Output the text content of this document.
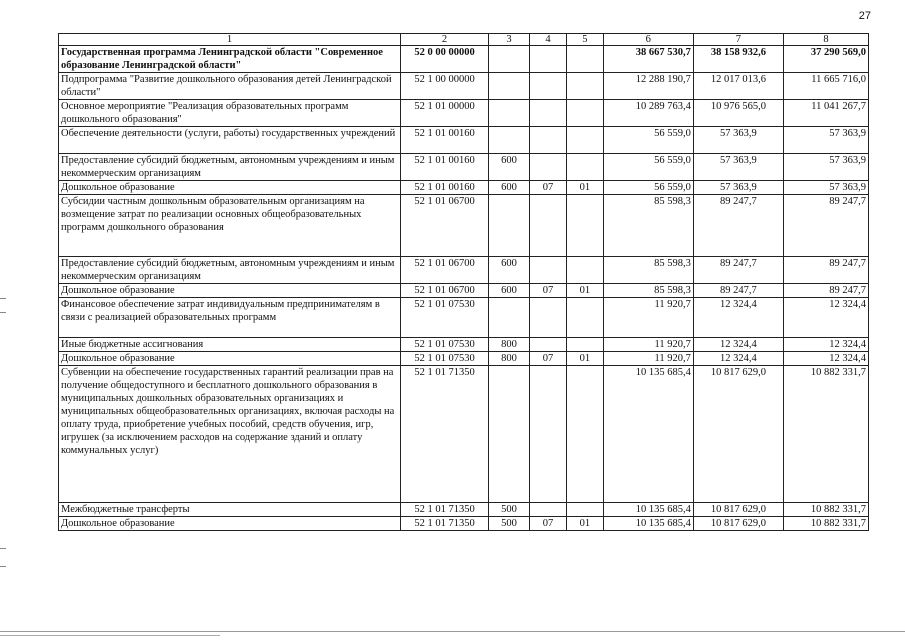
27
1	2	3	4	5	6	7	8
Государственная программа Ленинградской области "Современное образование Ленинградской области"	52 0 00 00000				38 667 530,7	38 158 932,6	37 290 569,0
Подпрограмма "Развитие дошкольного образования детей Ленинградской области"	52 1 00 00000				12 288 190,7	12 017 013,6	11 665 716,0
Основное мероприятие "Реализация образовательных программ дошкольного образования"	52 1 01 00000				10 289 763,4	10 976 565,0	11 041 267,7
Обеспечение деятельности (услуги, работы) государственных учреждений	52 1 01 00160				56 559,0	57 363,9	57 363,9
Предоставление субсидий бюджетным, автономным учреждениям и иным некоммерческим организациям	52 1 01 00160	600			56 559,0	57 363,9	57 363,9
Дошкольное образование	52 1 01 00160	600	07	01	56 559,0	57 363,9	57 363,9
Субсидии частным дошкольным образовательным организациям на возмещение затрат по реализации основных общеобразовательных программ дошкольного образования	52 1 01 06700				85 598,3	89 247,7	89 247,7
Предоставление субсидий бюджетным, автономным учреждениям и иным некоммерческим организациям	52 1 01 06700	600			85 598,3	89 247,7	89 247,7
Дошкольное образование	52 1 01 06700	600	07	01	85 598,3	89 247,7	89 247,7
Финансовое обеспечение затрат индивидуальным предпринимателям в связи с реализацией образовательных программ	52 1 01 07530				11 920,7	12 324,4	12 324,4
Иные бюджетные ассигнования	52 1 01 07530	800			11 920,7	12 324,4	12 324,4
Дошкольное образование	52 1 01 07530	800	07	01	11 920,7	12 324,4	12 324,4
Субвенции на обеспечение государственных гарантий реализации прав на получение общедоступного и бесплатного дошкольного образования в муниципальных дошкольных образовательных организациях и муниципальных общеобразовательных организациях, включая расходы на оплату труда, приобретение учебных пособий, средств обучения, игр, игрушек (за исключением расходов на содержание зданий и оплату коммунальных услуг)	52 1 01 71350				10 135 685,4	10 817 629,0	10 882 331,7
Межбюджетные трансферты	52 1 01 71350	500			10 135 685,4	10 817 629,0	10 882 331,7
Дошкольное образование	52 1 01 71350	500	07	01	10 135 685,4	10 817 629,0	10 882 331,7
